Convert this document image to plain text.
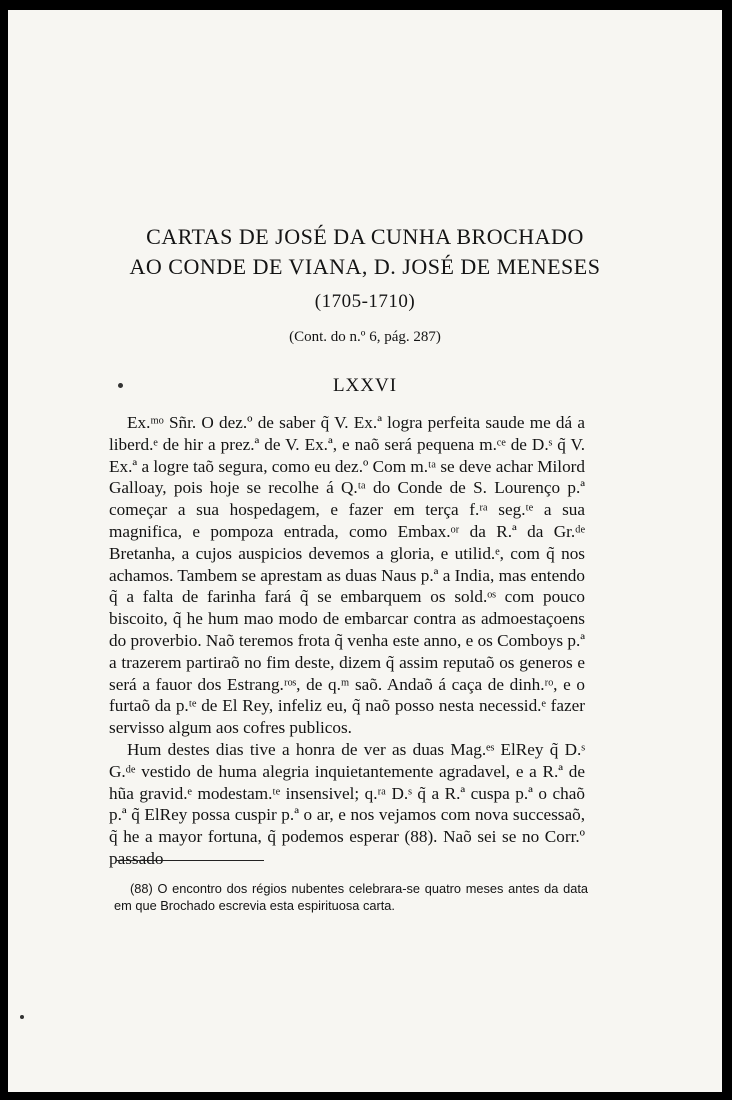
CARTAS DE JOSÉ DA CUNHA BROCHADO
AO CONDE DE VIANA, D. JOSÉ DE MENESES
(1705-1710)
(Cont. do n.º 6, pág. 287)
LXXVI

Ex.ᵐᵒ Sñr. O dez.º de saber q̃ V. Ex.ª logra perfeita saude me dá a liberd.ᵉ de hir a prez.ª de V. Ex.ª, e naõ será pequena m.ᶜᵉ de D.ˢ q̃ V. Ex.ª a logre taõ segura, como eu dez.º Com m.ᵗᵃ se deve achar Milord Galloay, pois hoje se recolhe á Q.ᵗᵃ do Conde de S. Lourenço p.ª começar a sua hospedagem, e fazer em terça f.ʳᵃ seg.ᵗᵉ a sua magnifica, e pompoza entrada, como Embax.ᵒʳ da R.ª da Gr.ᵈᵉ Bretanha, a cujos auspicios devemos a gloria, e utilid.ᵉ, com q̃ nos achamos. Tambem se aprestam as duas Naus p.ª a India, mas entendo q̃ a falta de farinha fará q̃ se embarquem os sold.ᵒˢ com pouco biscoito, q̃ he hum mao modo de embarcar contra as admoestaçoens do proverbio. Naõ teremos frota q̃ venha este anno, e os Comboys p.ª a trazerem partiraõ no fim deste, dizem q̃ assim reputaõ os generos e será a fauor dos Estrang.ʳᵒˢ, de q.ᵐ saõ. Andaõ á caça de dinh.ʳᵒ, e o furtaõ da p.ᵗᵉ de El Rey, infeliz eu, q̃ naõ posso nesta necessid.ᵉ fazer servisso algum aos cofres publicos.

Hum destes dias tive a honra de ver as duas Mag.ᵉˢ ElRey q̃ D.ˢ G.ᵈᵉ vestido de huma alegria inquietantemente agradavel, e a R.ª de hũa gravid.ᵉ modestam.ᵗᵉ insensivel; q.ʳᵃ D.ˢ q̃ a R.ª cuspa p.ª o chaõ p.ª q̃ ElRey possa cuspir p.ª o ar, e nos vejamos com nova successaõ, q̃ he a mayor fortuna, q̃ podemos esperar (88). Naõ sei se no Corr.º passado

(88) O encontro dos régios nubentes celebrara-se quatro meses antes da data em que Brochado escrevia esta espirituosa carta.
